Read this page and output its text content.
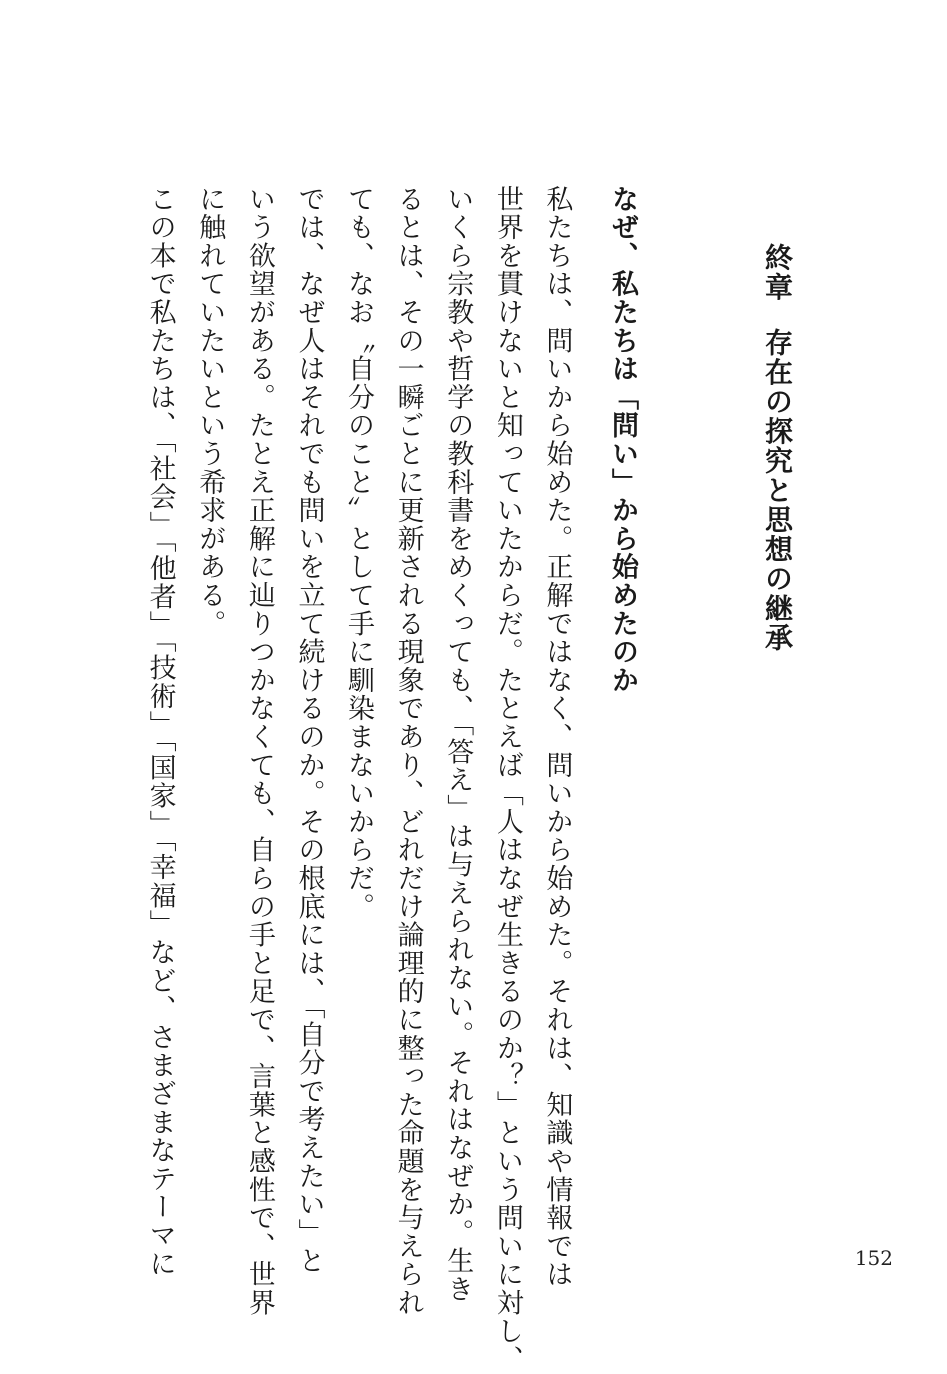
終章存在の探究と思想の継承
なぜ、私たちは「問い」から始めたのか
私たちは、問いから始めた。正解ではなく、問いから始めた。それは、知識や情報では
世界を貫けないと知っていたからだ。たとえば「人はなぜ生きるのか？」という問いに対し、
いくら宗教や哲学の教科書をめくっても、「答え」は与えられない。それはなぜか。生き
るとは、その一瞬ごとに更新される現象であり、どれだけ論理的に整った命題を与えられ
ても、なお〝自分のこと〟として手に馴染まないからだ。
では、なぜ人はそれでも問いを立て続けるのか。その根底には、「自分で考えたい」と
いう欲望がある。たとえ正解に辿りつかなくても、自らの手と足で、言葉と感性で、世界
に触れていたいという希求がある。
この本で私たちは、「社会」「他者」「技術」「国家」「幸福」など、さまざまなテーマに	152
